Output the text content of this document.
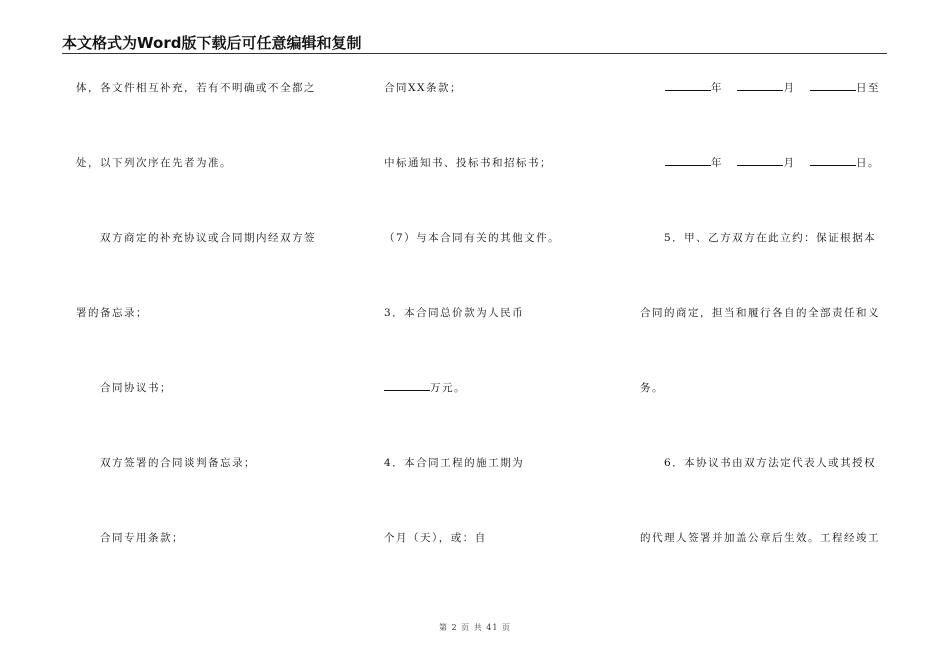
本文格式为Word版下载后可任意编辑和复制
体，各文件相互补充，若有不明确或不全都之
处，以下列次序在先者为准。
双方商定的补充协议或合同期内经双方签
署的备忘录；
合同协议书；
双方签署的合同谈判备忘录；
合同专用条款；
合同XX条款；
中标通知书、投标书和招标书；
（7）与本合同有关的其他文件。
3．本合同总价款为人民币
万元。
4．本合同工程的施工期为
个月（天），或：自
年	月	日至
年	月	日。
5．甲、乙方双方在此立约：保证根据本
合同的商定，担当和履行各自的全部责任和义
务。
6．本协议书由双方法定代表人或其授权
的代理人签署并加盖公章后生效。工程经竣工
第 2 页 共 41 页
